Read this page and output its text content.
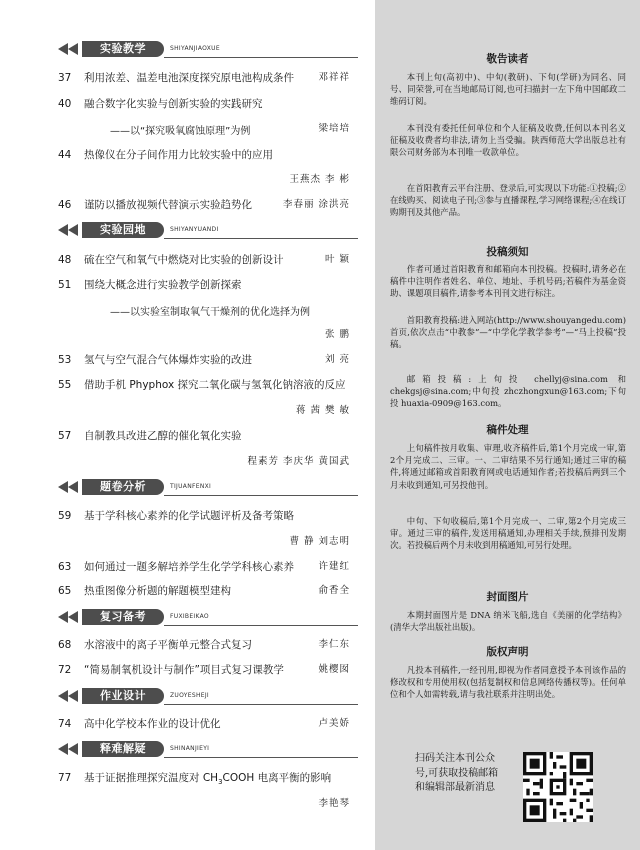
实验教学	SHIYANJIAOXUE
37	利用浓差、温差电池深度探究原电池构成条件	邓祥祥
40	融合数字化实验与创新实验的实践研究
——以“探究吸氧腐蚀原理”为例	梁培培
44	热像仪在分子间作用力比较实验中的应用
王燕杰 李 彬
46	谨防以播放视频代替演示实验趋势化	李春丽 涂洪亮
实验园地	SHIYANYUANDI
48	硫在空气和氧气中燃烧对比实验的创新设计	叶 颖
51	围绕大概念进行实验教学创新探索
——以实验室制取氧气干燥剂的优化选择为例
张 鹏
53	氢气与空气混合气体爆炸实验的改进	刘 亮
55	借助手机 Phyphox 探究二氧化碳与氢氧化钠溶液的反应
蒋 茜 樊 敏
57	自制教具改进乙醇的催化氧化实验
程素芳 李庆华 黄国武
题卷分析	TIJUANFENXI
59	基于学科核心素养的化学试题评析及备考策略
曹 静 刘志明
63	如何通过一题多解培养学生化学学科核心素养	许建红
65	热重图像分析题的解题模型建构	俞香全
复习备考	FUXIBEIKAO
68	水溶液中的离子平衡单元整合式复习	李仁东
72	“简易制氧机设计与制作”项目式复习课教学	姚樱囡
作业设计	ZUOYESHEJI
74	高中化学校本作业的设计优化	卢美娇
释难解疑	SHINANJIEYI
77	基于证据推理探究温度对 $CH_3COOH$ 电离平衡的影响
李艳琴
敬告读者

本刊上旬(高初中)、中旬(教研)、下旬(学研)为同名、同号、同荣誉,可在当地邮局订阅,也可扫描封一左下角中国邮政二维码订阅。

本刊没有委托任何单位和个人征稿及收费,任何以本刊名义征稿及收费者均非法,请勿上当受骗。陕西师范大学出版总社有限公司财务部为本刊唯一收款单位。

在首阳教育云平台注册、登录后,可实现以下功能:①投稿;②在线购买、阅读电子刊;③参与直播课程,学习网络课程;④在线订购期刊及其他产品。

投稿须知

作者可通过首阳教育和邮箱向本刊投稿。投稿时,请务必在稿件中注明作者姓名、单位、地址、手机号码;若稿件为基金资助、课题项目稿件,请参考本刊刊文进行标注。

首阳教育投稿:进入网站(http://www.shouyangedu.com)首页,依次点击“中教参”—“中学化学教学参考”—“马上投稿”投稿。

邮箱投稿:上旬投 chellyj@sina.com 和 chekgsj@sina.com;中旬投 zhczhongxun@163.com;下旬投 huaxia-0909@163.com。

稿件处理

上旬稿件按月收集、审理,收齐稿件后,第1个月完成一审,第2个月完成二、三审。一、二审结果不另行通知;通过三审的稿件,将通过邮箱或首阳教育网或电话通知作者;若投稿后两到三个月未收到通知,可另投他刊。

中旬、下旬收稿后,第1个月完成一、二审,第2个月完成三审。通过三审的稿件,发送用稿通知,办理相关手续,预排刊发期次。若投稿后两个月未收到用稿通知,可另行处理。

封面图片

本期封面图片是 DNA 纳米飞船,选自《美丽的化学结构》(清华大学出版社出版)。

版权声明

凡投本刊稿件,一经刊用,即视为作者同意授予本刊该作品的修改权和专用使用权(包括复制权和信息网络传播权等)。任何单位和个人如需转载,请与我社联系并注明出处。

扫码关注本刊公众号,可获取投稿邮箱和编辑部最新消息
